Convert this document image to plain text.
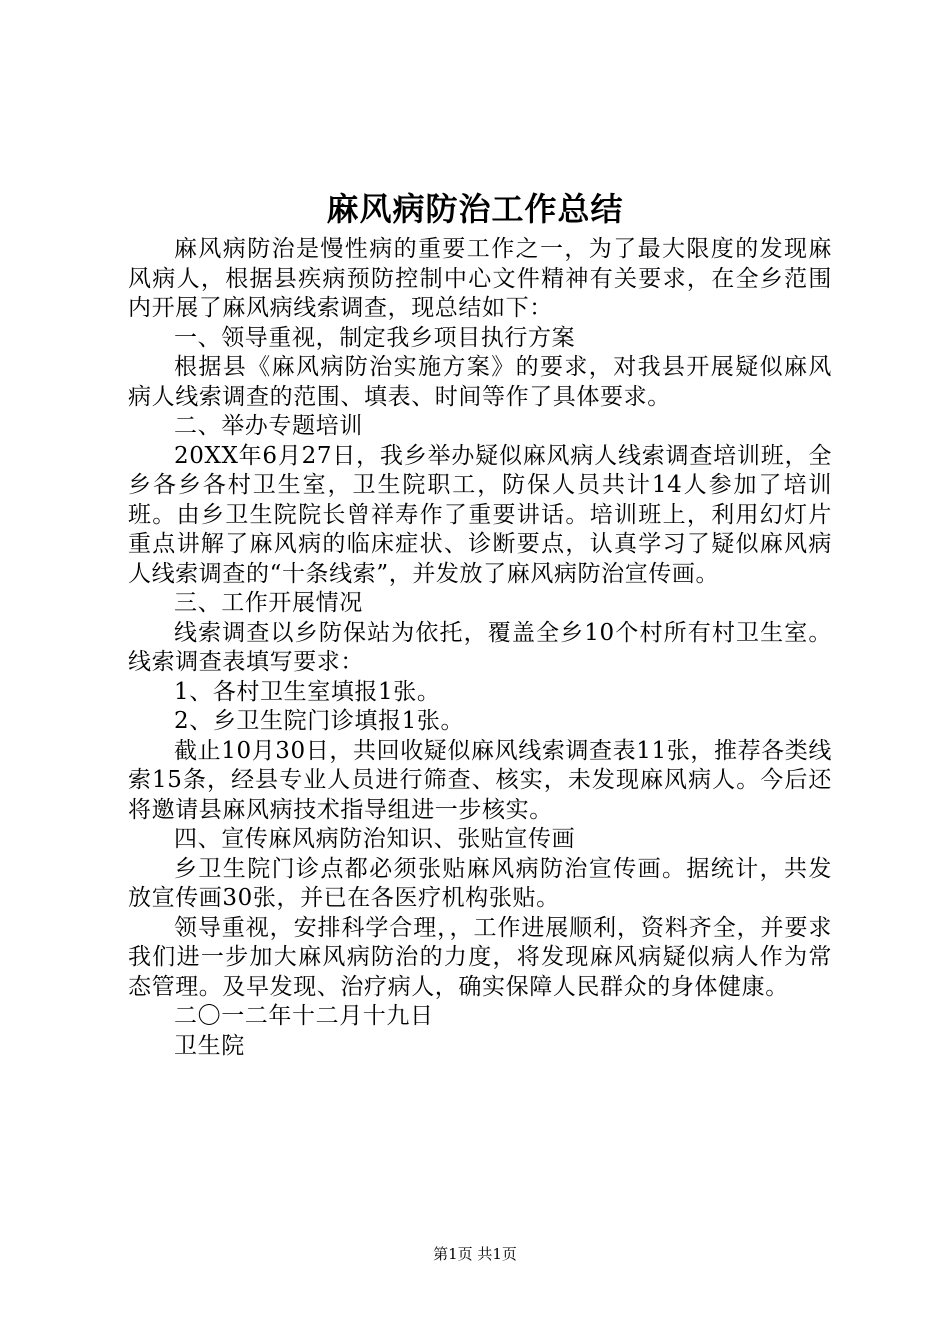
麻风病防治工作总结

麻风病防治是慢性病的重要工作之一，为了最大限度的发现麻风病人，根据县疾病预防控制中心文件精神有关要求，在全乡范围内开展了麻风病线索调查，现总结如下：

一、领导重视，制定我乡项目执行方案

根据县《麻风病防治实施方案》的要求，对我县开展疑似麻风病人线索调查的范围、填表、时间等作了具体要求。

二、举办专题培训

20XX年6月27日，我乡举办疑似麻风病人线索调查培训班，全乡各乡各村卫生室，卫生院职工，防保人员共计14人参加了培训班。由乡卫生院院长曾祥寿作了重要讲话。培训班上，利用幻灯片重点讲解了麻风病的临床症状、诊断要点，认真学习了疑似麻风病人线索调查的“十条线索”，并发放了麻风病防治宣传画。

三、工作开展情况

线索调查以乡防保站为依托，覆盖全乡10个村所有村卫生室。线索调查表填写要求：

1、各村卫生室填报1张。

2、乡卫生院门诊填报1张。

截止10月30日，共回收疑似麻风线索调查表11张，推荐各类线索15条，经县专业人员进行筛查、核实，未发现麻风病人。今后还将邀请县麻风病技术指导组进一步核实。

四、宣传麻风病防治知识、张贴宣传画

乡卫生院门诊点都必须张贴麻风病防治宣传画。据统计，共发放宣传画30张，并已在各医疗机构张贴。

领导重视，安排科学合理，，工作进展顺利，资料齐全，并要求我们进一步加大麻风病防治的力度，将发现麻风病疑似病人作为常态管理。及早发现、治疗病人，确实保障人民群众的身体健康。

二〇一二年十二月十九日

卫生院

第1页 共1页
